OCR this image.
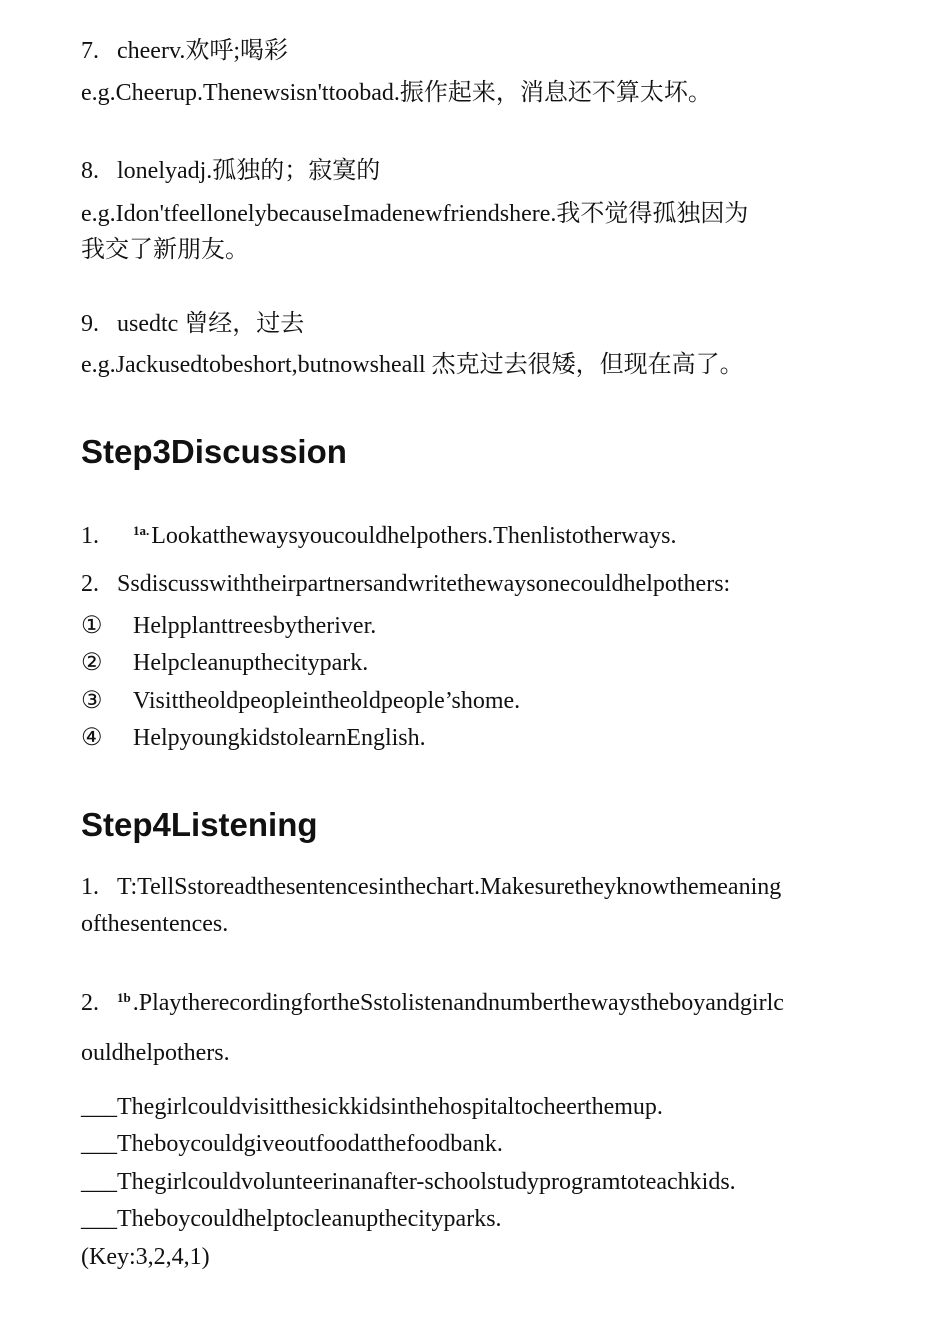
7. cheerv.欢呼;喝彩
e.g.Cheerup.Thenewsisn'ttoobad.振作起来，消息还不算太坏。
8. lonelyadj.孤独的；寂寞的
e.g.Idon'tfeellonelybecauseImadenewfriendshere.我不觉得孤独因为
我交了新朋友。
9. usedtc 曾经，过去
e.g.Jackusedtobeshort,butnowsheall 杰克过去很矮，但现在高了。
Step3Discussion
1.	$^{1a.}$Lookatthewaysyoucouldhelpothers.Thenlistotherways.
2. Ssdiscusswiththeirpartnersandwritethewaysonecouldhelpothers:
① Helpplanttreesbytheriver.
② Helpcleanupthecitypark.
③ Visittheoldpeopleintheoldpeople’shome.
④ HelpyoungkidstolearnEnglish.
Step4Listening
1. T:TellSstoreadthesentencesinthechart.Makesuretheyknowthemeaning
ofthesentences.
2. $^{1b}$.PlaytherecordingfortheSstolistenandnumberthewaystheboyandgirlc
ouldhelpothers.
___Thegirlcouldvisitthesickkidsinthehospitaltocheerthemup.
___Theboycouldgiveoutfoodatthefoodbank.
___Thegirlcouldvolunteerinanafter-schoolstudyprogramtoteachkids.
___Theboycouldhelptocleanupthecityparks.
(Key:3,2,4,1)
